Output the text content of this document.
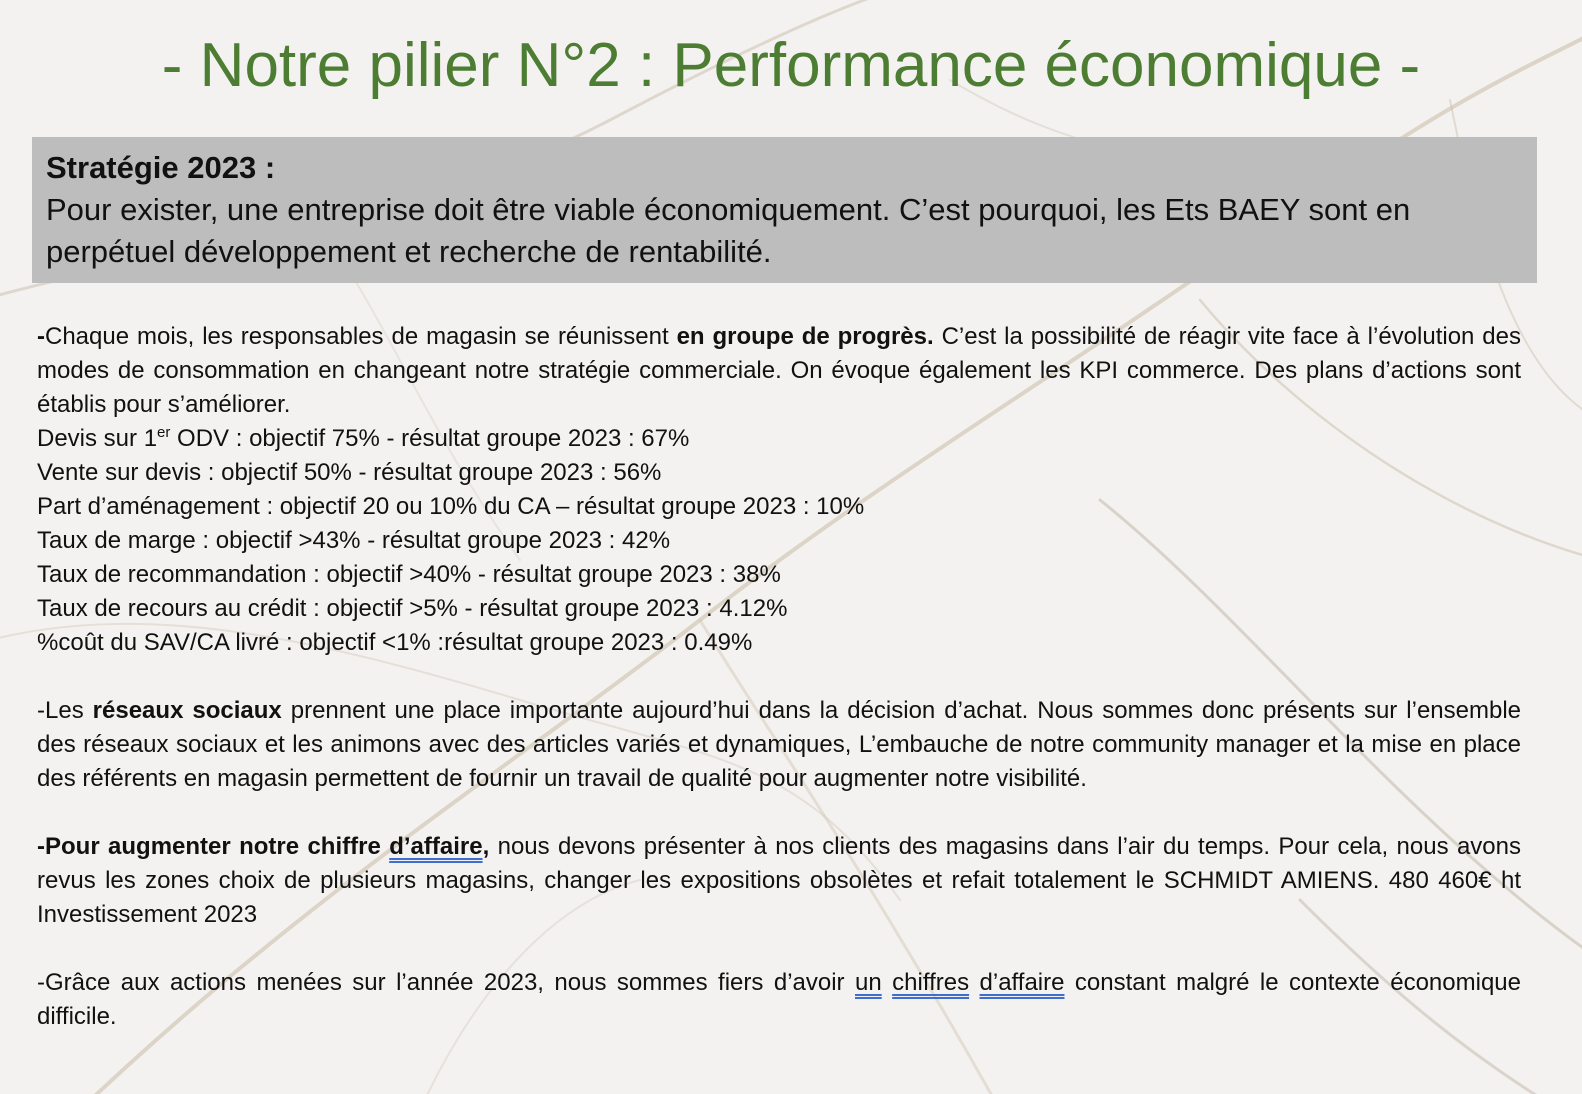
- Notre pilier N°2 : Performance économique -

Stratégie 2023 :

Pour exister, une entreprise doit être viable économiquement. C’est pourquoi, les Ets BAEY sont en perpétuel développement et recherche de rentabilité.

-Chaque mois, les responsables de magasin se réunissent en groupe de progrès. C’est la possibilité de réagir vite face à l’évolution des modes de consommation en changeant notre stratégie commerciale. On évoque également les KPI commerce. Des plans d’actions sont établis pour s’améliorer.

Devis sur 1er ODV : objectif 75% - résultat groupe 2023 : 67%

Vente sur devis : objectif 50% - résultat groupe 2023 : 56%

Part d’aménagement : objectif 20 ou 10% du CA – résultat groupe 2023 : 10%

Taux de marge : objectif >43% - résultat groupe 2023 : 42%

Taux de recommandation : objectif >40% - résultat groupe 2023 : 38%

Taux de recours au crédit : objectif >5% - résultat groupe 2023 : 4.12%

%coût du SAV/CA livré : objectif <1% :résultat groupe 2023 : 0.49%

-Les réseaux sociaux prennent une place importante aujourd’hui dans la décision d’achat. Nous sommes donc présents sur l’ensemble des réseaux sociaux et les animons avec des articles variés et dynamiques, L’embauche de notre community manager et la mise en place des référents en magasin permettent de fournir un travail de qualité pour augmenter notre visibilité.

-Pour augmenter notre chiffre d’affaire, nous devons présenter à nos clients des magasins dans l’air du temps. Pour cela, nous avons revus les zones choix de plusieurs magasins, changer les expositions obsolètes et refait totalement le SCHMIDT AMIENS. 480 460€ ht Investissement 2023

-Grâce aux actions menées sur l’année 2023, nous sommes fiers d’avoir un chiffres d’affaire constant malgré le contexte économique difficile.
